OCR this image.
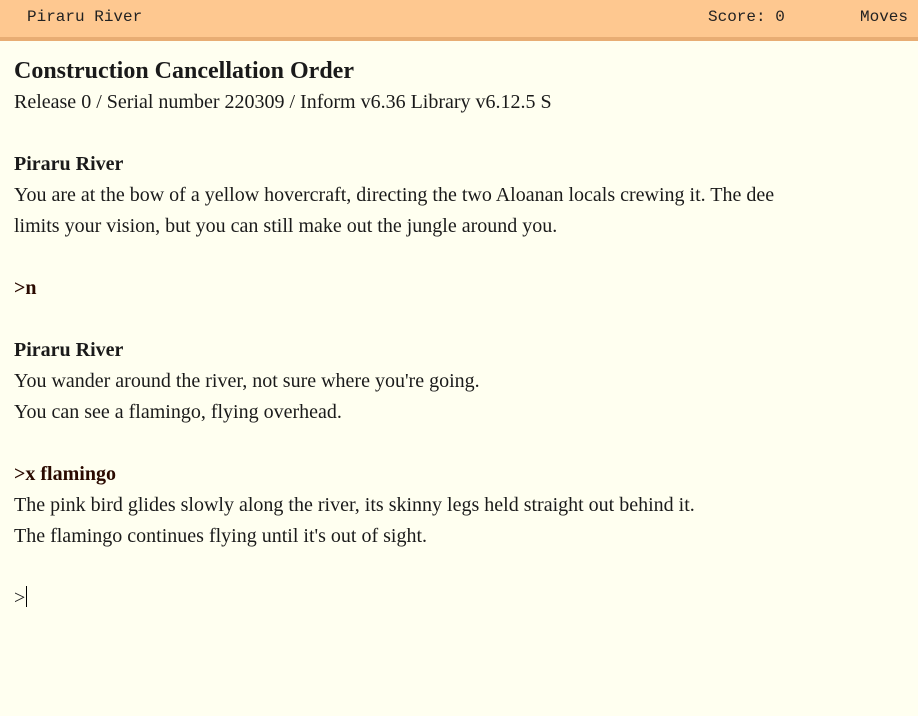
Piraru River	Score: 0	Moves
Construction Cancellation Order
Release 0 / Serial number 220309 / Inform v6.36 Library v6.12.5 S
Piraru River
You are at the bow of a yellow hovercraft, directing the two Aloanan locals crewing it. The dee
limits your vision, but you can still make out the jungle around you.
>n
Piraru River
You wander around the river, not sure where you're going.
You can see a flamingo, flying overhead.
>x flamingo
The pink bird glides slowly along the river, its skinny legs held straight out behind it.
The flamingo continues flying until it's out of sight.
>
